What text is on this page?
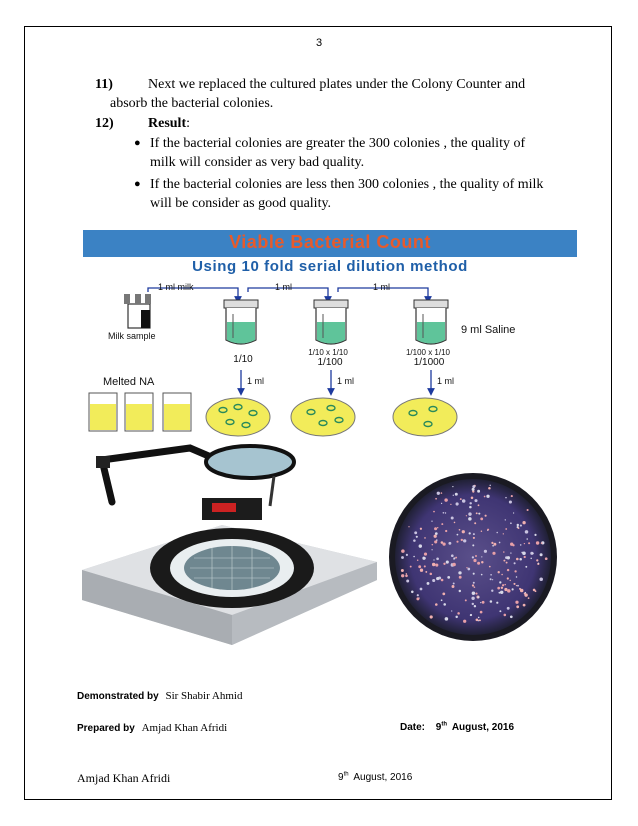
3
11)	Next we replaced the cultured plates under the Colony Counter and
absorb the bacterial colonies.
12) Result:
● If the bacterial colonies are greater the 300 colonies , the quality of
milk will consider as very bad quality.
● If the bacterial colonies are less then 300 colonies , the quality of milk
will be consider as good quality.
Viable Bacterial Count
Using 10 fold serial dilution method
1 ml milk	1 ml	1 ml
Milk sample	9 ml Saline
1/10
1/10 x 1/10
1/100
1/100 x 1/10
1/1000
Melted NA	1 ml	1 ml	1 ml
Demonstrated by Sir Shabir Ahmid
Prepared by Amjad Khan Afridi	Date: 9th August, 2016
Amjad Khan Afridi	9th August, 2016
